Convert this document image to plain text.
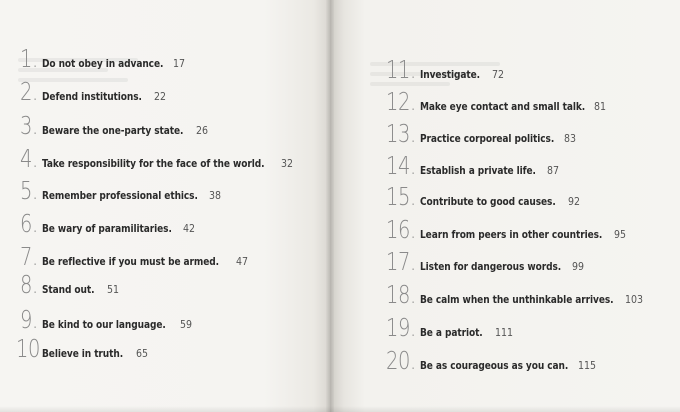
1. Do not obey in advance. 17
2. Defend institutions. 22
3. Beware the one-party state. 26
4. Take responsibility for the face of the world. 32
5. Remember professional ethics. 38
6. Be wary of paramilitaries. 42
7. Be reflective if you must be armed. 47
8. Stand out. 51
9. Be kind to our language. 59
10.
Believe in truth. 65
11. Investigate. 72
12. Make eye contact and small talk. 81
13. Practice corporeal politics. 83
14. Establish a private life. 87
15. Contribute to good causes. 92
16. Learn from peers in other countries. 95
17. Listen for dangerous words. 99
18. Be calm when the unthinkable arrives. 103
19. Be a patriot. 111
20. Be as courageous as you can. 115
